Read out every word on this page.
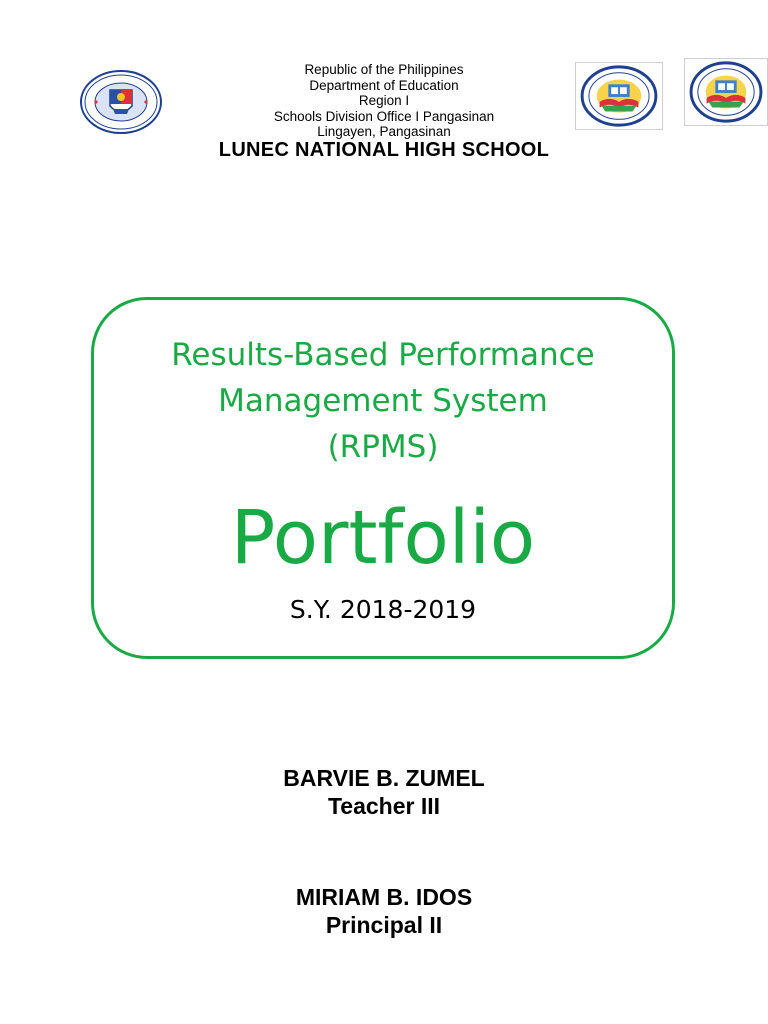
Republic of the Philippines
Department of Education
Region I
Schools Division Office I Pangasinan
Lingayen, Pangasinan
LUNEC NATIONAL HIGH SCHOOL
Results-Based Performance
Management System
(RPMS)
Portfolio
S.Y. 2018-2019
BARVIE B. ZUMEL
Teacher III
MIRIAM B. IDOS
Principal II
